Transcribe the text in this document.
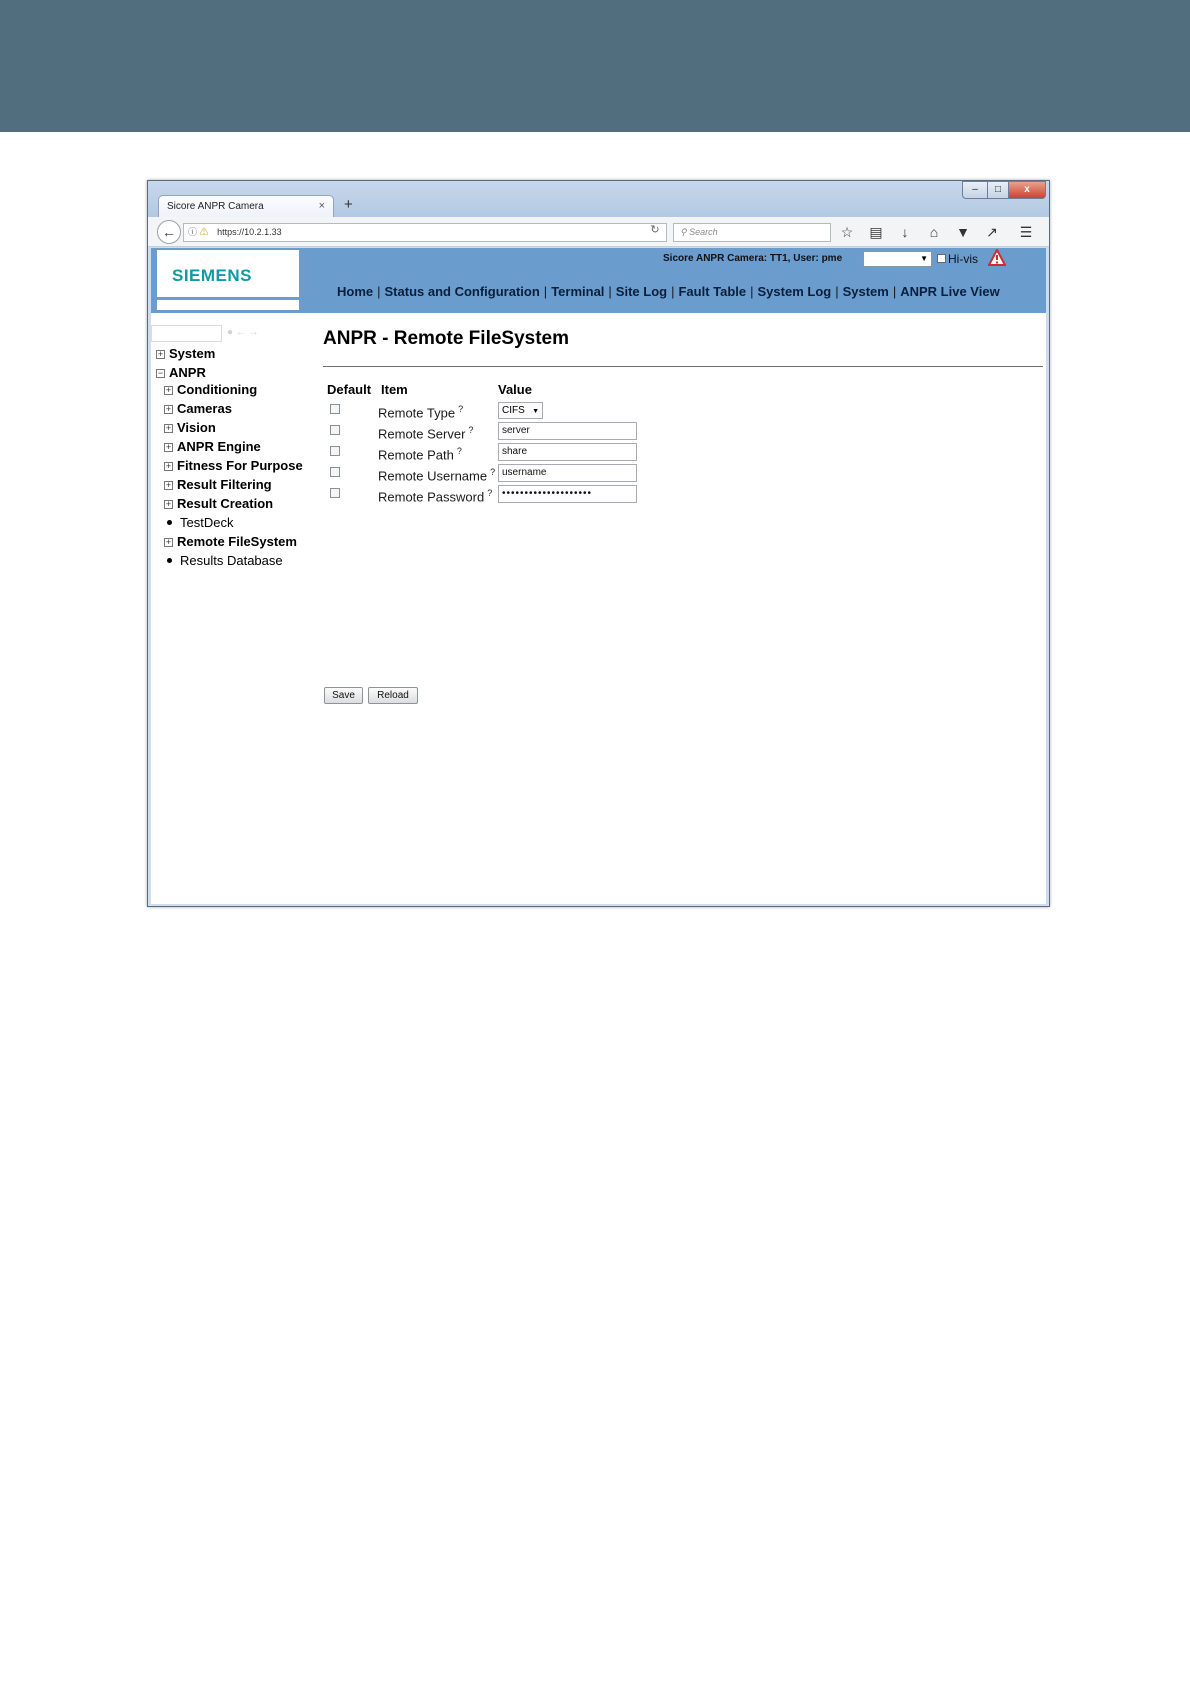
Sicore ANPR Camera	× +
–	□	x
←	ⓘ ⚠ https://10.2.1.33	↻	⚲ Search	☆ ▤	↓	⌂	▼ ↗ ☰
SIEMENS
Sicore ANPR Camera: TT1, User: pme	▼	Hi-vis
Home | Status and Configuration | Terminal | Site Log | Fault Table | System Log | System | ANPR Live View
● ← →
+ System
− ANPR
+ Conditioning
+ Cameras
+ Vision
+ ANPR Engine
+ Fitness For Purpose
+ Result Filtering
+ Result Creation
TestDeck
+ Remote FileSystem
Results Database
ANPR - Remote FileSystem
Default Item	Value
Remote Type ?	CIFS ▼
Remote Server ?	server
Remote Path ?	share
Remote Username ? username
Remote Password ? ••••••••••••••••••••
Save	Reload
